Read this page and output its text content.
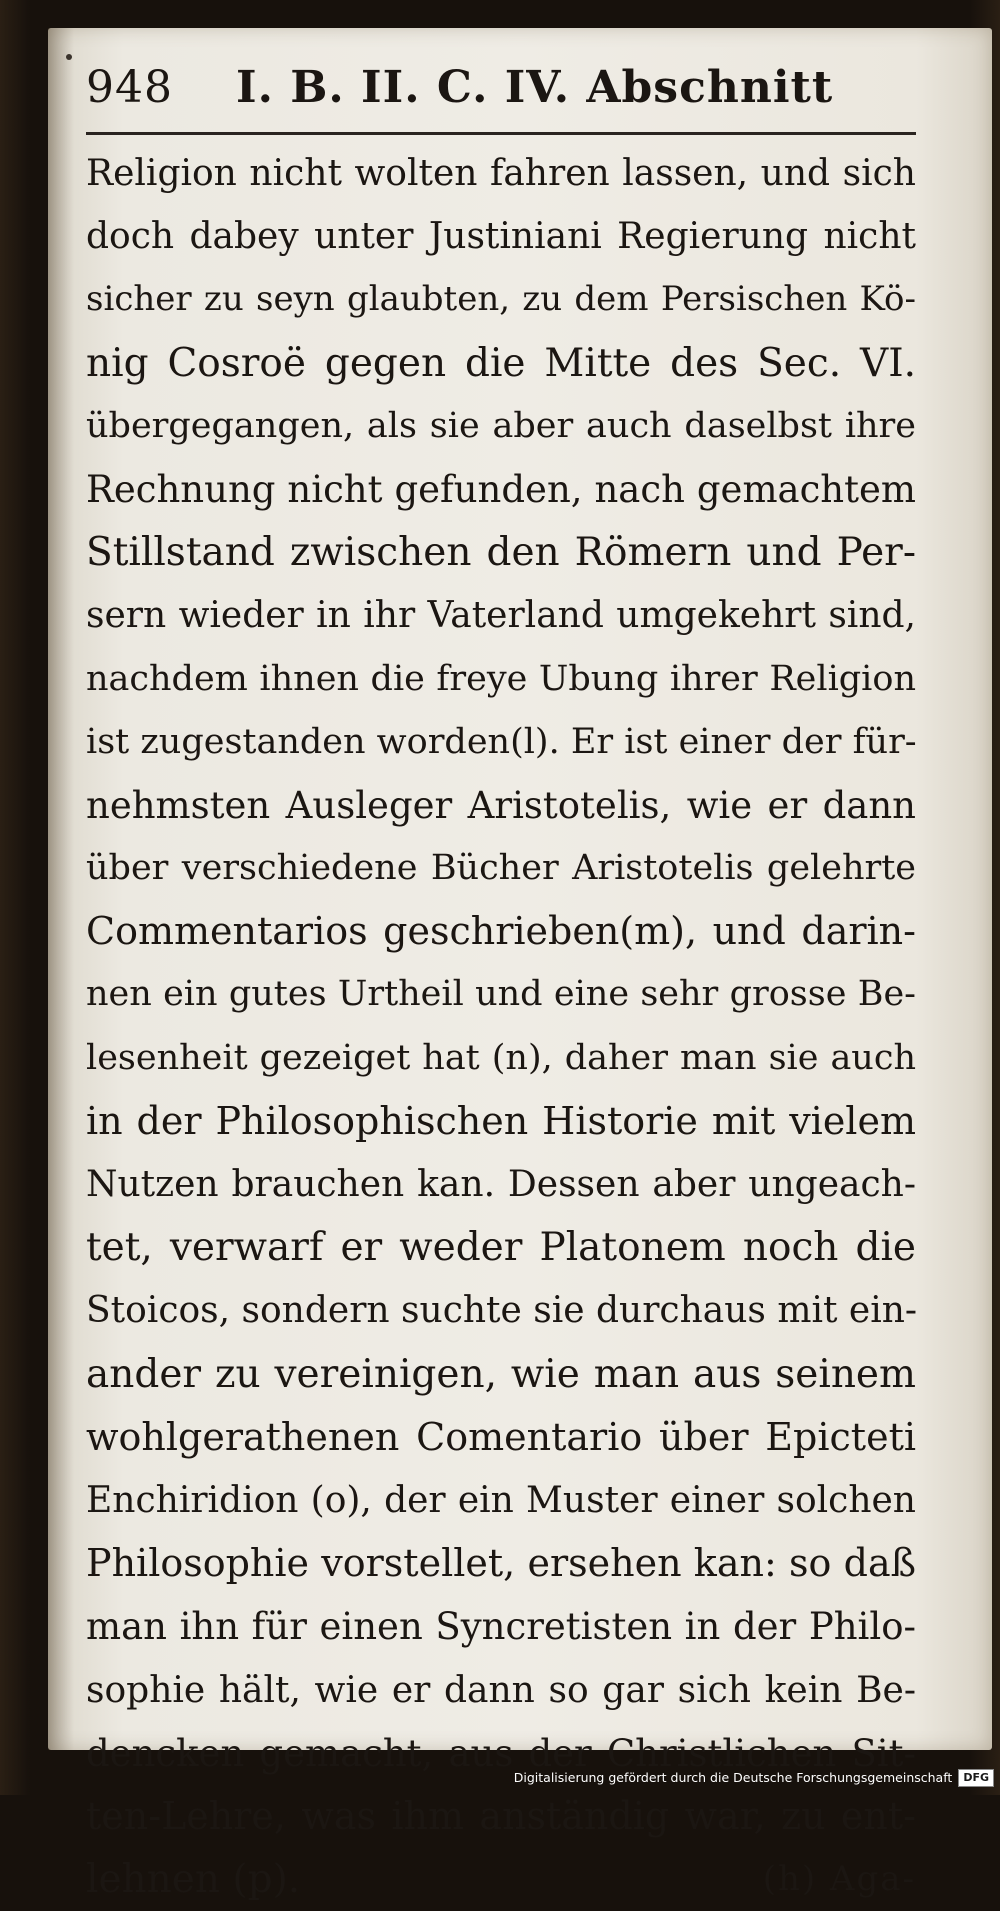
948 I. B. II. C. IV. Abschnitt
Religion nicht wolten fahren lassen, und sich
doch dabey unter Justiniani Regierung nicht
sicher zu seyn glaubten, zu dem Persischen Kö-
nig Cosroë gegen die Mitte des Sec. VI.
übergegangen, als sie aber auch daselbst ihre
Rechnung nicht gefunden, nach gemachtem
Stillstand zwischen den Römern und Per-
sern wieder in ihr Vaterland umgekehrt sind,
nachdem ihnen die freye Ubung ihrer Religion
ist zugestanden worden(l). Er ist einer der für-
nehmsten Ausleger Aristotelis, wie er dann
über verschiedene Bücher Aristotelis gelehrte
Commentarios geschrieben(m), und darin-
nen ein gutes Urtheil und eine sehr grosse Be-
lesenheit gezeiget hat (n), daher man sie auch
in der Philosophischen Historie mit vielem
Nutzen brauchen kan. Dessen aber ungeach-
tet, verwarf er weder Platonem noch die
Stoicos, sondern suchte sie durchaus mit ein-
ander zu vereinigen, wie man aus seinem
wohlgerathenen Comentario über Epicteti
Enchiridion (o), der ein Muster einer solchen
Philosophie vorstellet, ersehen kan: so daß
man ihn für einen Syncretisten in der Philo-
sophie hält, wie er dann so gar sich kein Be-
dencken gemacht, aus der Christlichen Sit-
ten-Lehre, was ihm anständig war, zu ent-
lehnen (p).	(h) Aga-
Digitalisierung gefördert durch die Deutsche Forschungsgemeinschaft	DFG
